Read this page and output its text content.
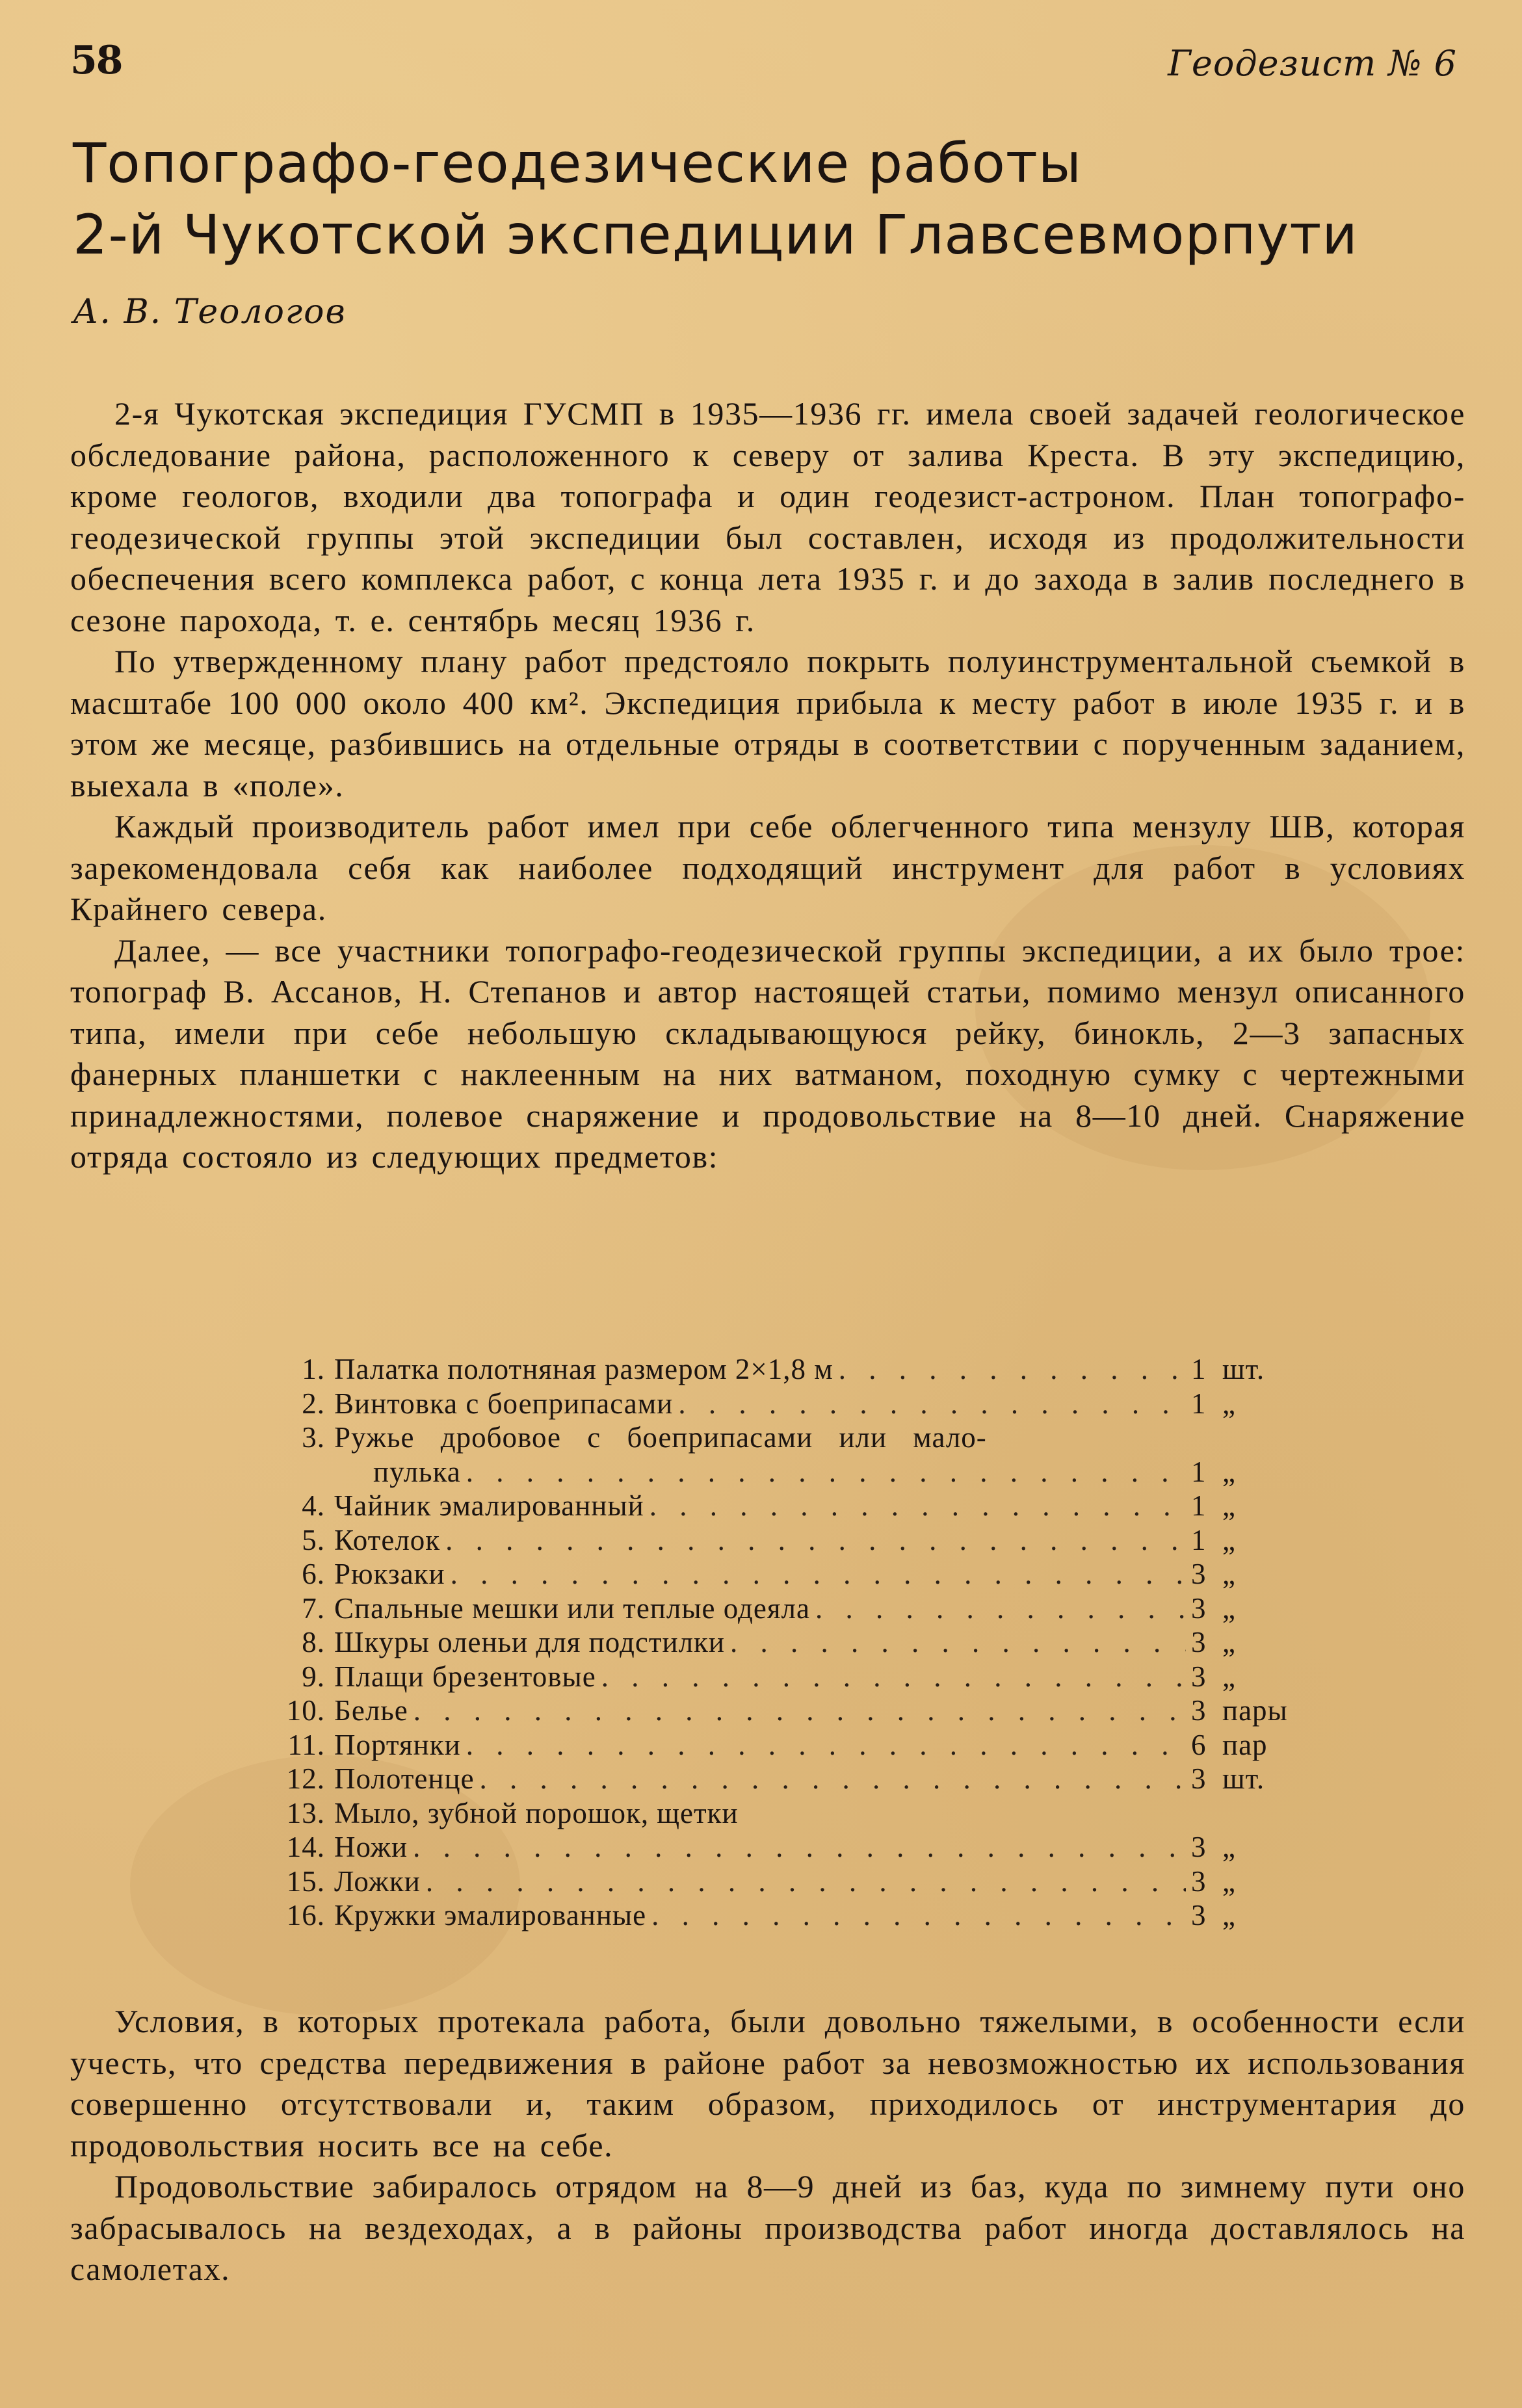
58	Геодезист № 6
Топографо-геодезические работы
2-й Чукотской экспедиции Главсевморпути
А. В. Теологов

2-я Чукотская экспедиция ГУСМП в 1935—1936 гг. имела своей задачей геологическое обследование района, расположенного к северу от залива Креста. В эту экспедицию, кроме геологов, входили два топографа и один геодезист-астроном. План топографо-геодезической группы этой экспедиции был составлен, исходя из продолжительности обеспечения всего комплекса работ, с конца лета 1935 г. и до захода в залив последнего в сезоне парохода, т. е. сентябрь месяц 1936 г.

По утвержденному плану работ предстояло покрыть полуинструментальной съемкой в масштабе 100 000 около 400 км². Экспедиция прибыла к месту работ в июле 1935 г. и в этом же месяце, разбившись на отдельные отряды в соответствии с порученным заданием, выехала в «поле».

Каждый производитель работ имел при себе облегченного типа мензулу ШВ, которая зарекомендовала себя как наиболее подходящий инструмент для работ в условиях Крайнего севера.

Далее, — все участники топографо-геодезической группы экспедиции, а их было трое: топограф В. Ассанов, Н. Степанов и автор настоящей статьи, помимо мензул описанного типа, имели при себе небольшую складывающуюся рейку, бинокль, 2—3 запасных фанерных планшетки с наклеенным на них ватманом, походную сумку с чертежными принадлежностями, полевое снаряжение и продовольствие на 8—10 дней. Снаряжение отряда состояло из следующих предметов:

1. Палатка полотняная размером 2×1,8 м . . .	1 шт.
2. Винтовка с боеприпасами . . .	1 „
3. Ружье дробовое с боеприпасами или мало-
пулька . . .	1 „
4. Чайник эмалированный . . .	1 „
5. Котелок . . .	1 „
6. Рюкзаки . . .	3 „
7. Спальные мешки или теплые одеяла . . .	3 „
8. Шкуры оленьи для подстилки . . .	3 „
9. Плащи брезентовые . . .	3 „
10. Белье . . .	3 пары
11. Портянки . . .	6 пар
12. Полотенце . . .	3 шт.
13. Мыло, зубной порошок, щетки
14. Ножи . . .	3 „
15. Ложки . . .	3 „
16. Кружки эмалированные . . .	3 „

Условия, в которых протекала работа, были довольно тяжелыми, в особенности если учесть, что средства передвижения в районе работ за невозможностью их использования совершенно отсутствовали и, таким образом, приходилось от инструментария до продовольствия носить все на себе.

Продовольствие забиралось отрядом на 8—9 дней из баз, куда по зимнему пути оно забрасывалось на вездеходах, а в районы производства работ иногда доставлялось на самолетах.
